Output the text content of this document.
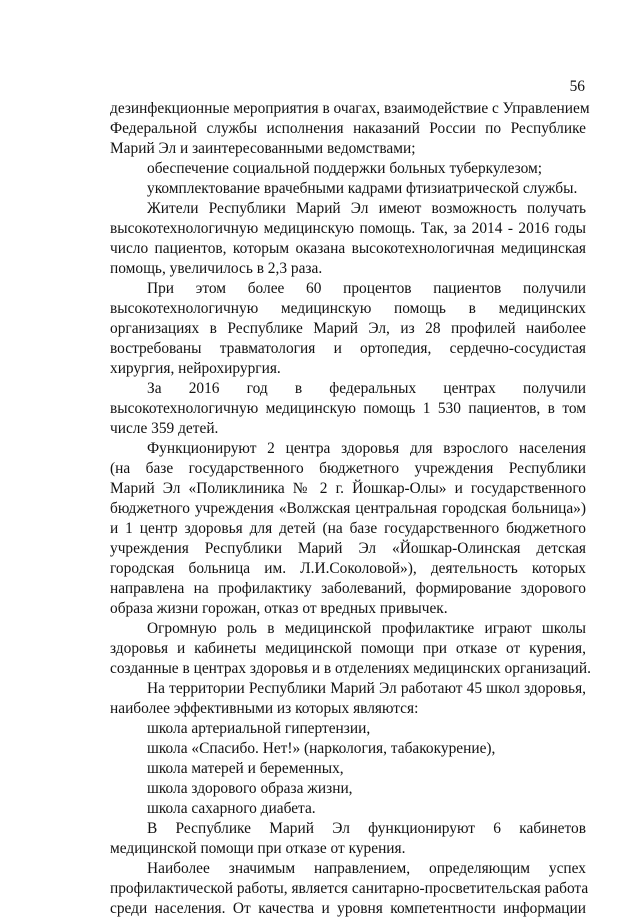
56
дезинфекционные мероприятия в очагах, взаимодействие с Управлением
Федеральной службы исполнения наказаний России по Республике
Марий Эл и заинтересованными ведомствами;
обеспечение социальной поддержки больных туберкулезом;
укомплектование врачебными кадрами фтизиатрической службы.
Жители Республики Марий Эл имеют возможность получать
высокотехнологичную медицинскую помощь. Так, за 2014 - 2016 годы
число пациентов, которым оказана высокотехнологичная медицинская
помощь, увеличилось в 2,3 раза.
При этом более 60 процентов пациентов получили
высокотехнологичную медицинскую помощь в медицинских
организациях в Республике Марий Эл, из 28 профилей наиболее
востребованы травматология и ортопедия, сердечно-сосудистая
хирургия, нейрохирургия.
За 2016 год в федеральных центрах получили
высокотехнологичную медицинскую помощь 1 530 пациентов, в том
числе 359 детей.
Функционируют 2 центра здоровья для взрослого населения
(на базе государственного бюджетного учреждения Республики
Марий Эл «Поликлиника № 2 г. Йошкар-Олы» и государственного
бюджетного учреждения «Волжская центральная городская больница»)
и 1 центр здоровья для детей (на базе государственного бюджетного
учреждения Республики Марий Эл «Йошкар-Олинская детская
городская больница им. Л.И.Соколовой»), деятельность которых
направлена на профилактику заболеваний, формирование здорового
образа жизни горожан, отказ от вредных привычек.
Огромную роль в медицинской профилактике играют школы
здоровья и кабинеты медицинской помощи при отказе от курения,
созданные в центрах здоровья и в отделениях медицинских организаций.
На территории Республики Марий Эл работают 45 школ здоровья,
наиболее эффективными из которых являются:
школа артериальной гипертензии,
школа «Спасибо. Нет!» (наркология, табакокурение),
школа матерей и беременных,
школа здорового образа жизни,
школа сахарного диабета.
В Республике Марий Эл функционируют 6 кабинетов
медицинской помощи при отказе от курения.
Наиболее значимым направлением, определяющим успех
профилактической работы, является санитарно-просветительская работа
среди населения. От качества и уровня компетентности информации
